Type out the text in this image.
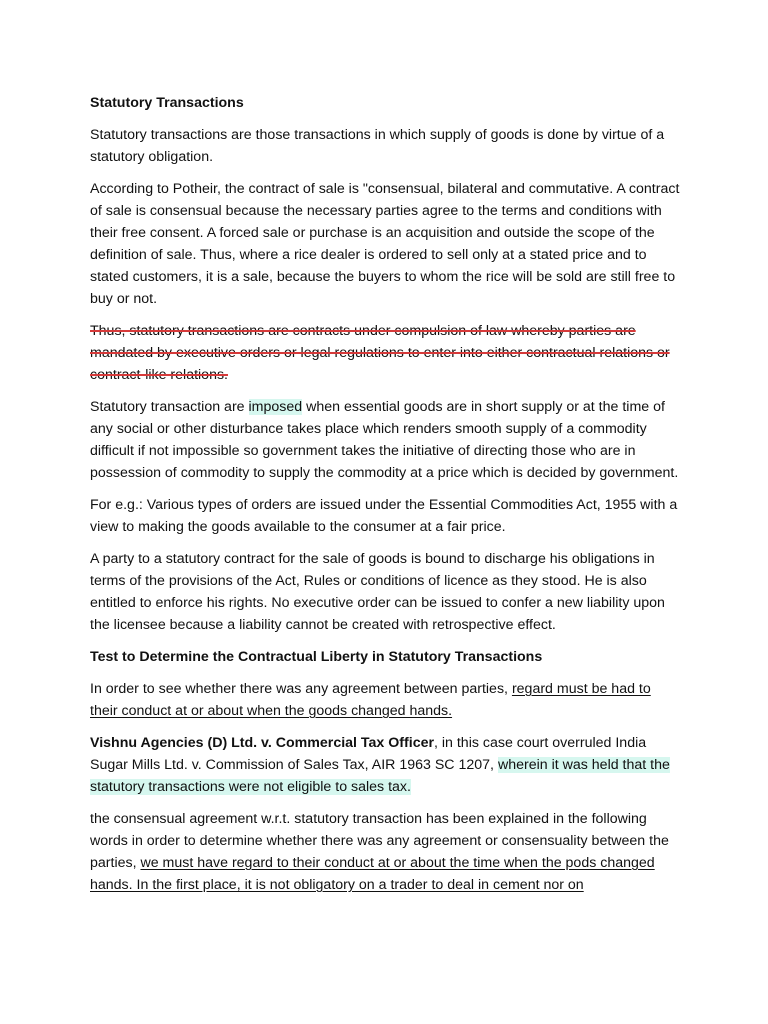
Statutory Transactions

Statutory transactions are those transactions in which supply of goods is done by virtue of a statutory obligation.

According to Potheir, the contract of sale is "consensual, bilateral and commutative. A contract of sale is consensual because the necessary parties agree to the terms and conditions with their free consent. A forced sale or purchase is an acquisition and outside the scope of the definition of sale. Thus, where a rice dealer is ordered to sell only at a stated price and to stated customers, it is a sale, because the buyers to whom the rice will be sold are still free to buy or not.

Thus, statutory transactions are contracts under compulsion of law whereby parties are mandated by executive orders or legal regulations to enter into either contractual relations or contract-like relations.

Statutory transaction are imposed when essential goods are in short supply or at the time of any social or other disturbance takes place which renders smooth supply of a commodity difficult if not impossible so government takes the initiative of directing those who are in possession of commodity to supply the commodity at a price which is decided by government.

For e.g.: Various types of orders are issued under the Essential Commodities Act, 1955 with a view to making the goods available to the consumer at a fair price.

A party to a statutory contract for the sale of goods is bound to discharge his obligations in terms of the provisions of the Act, Rules or conditions of licence as they stood. He is also entitled to enforce his rights. No executive order can be issued to confer a new liability upon the licensee because a liability cannot be created with retrospective effect.

Test to Determine the Contractual Liberty in Statutory Transactions

In order to see whether there was any agreement between parties, regard must be had to their conduct at or about when the goods changed hands.

Vishnu Agencies (D) Ltd. v. Commercial Tax Officer, in this case court overruled India Sugar Mills Ltd. v. Commission of Sales Tax, AIR 1963 SC 1207, wherein it was held that the statutory transactions were not eligible to sales tax.

the consensual agreement w.r.t. statutory transaction has been explained in the following words in order to determine whether there was any agreement or consensuality between the parties, we must have regard to their conduct at or about the time when the pods changed hands. In the first place, it is not obligatory on a trader to deal in cement nor on
